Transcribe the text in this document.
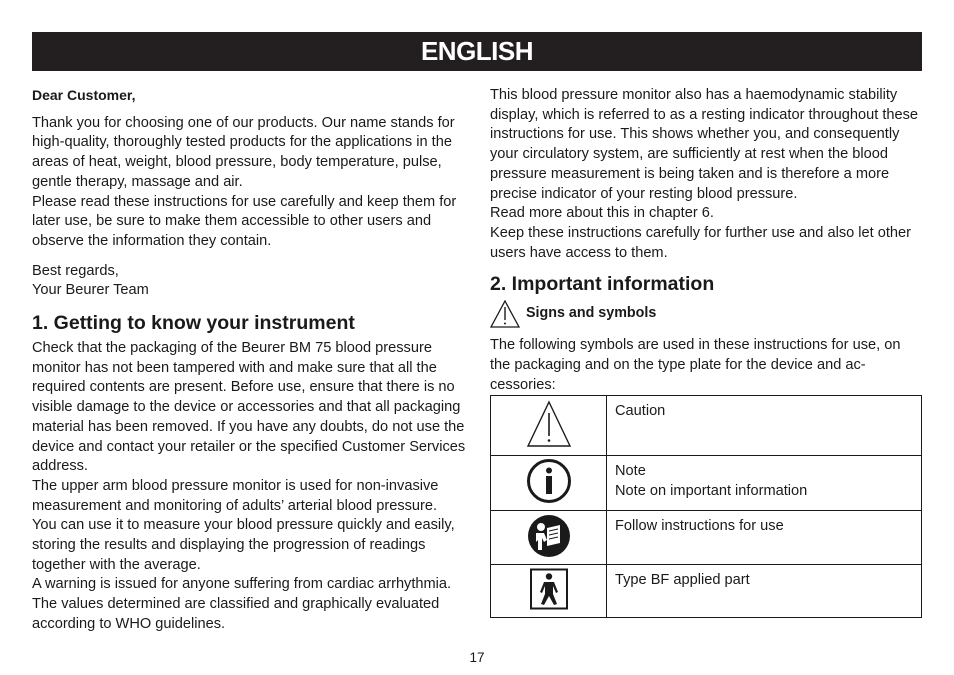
ENGLISH

Dear Customer,

Thank you for choosing one of our products. Our name stands for high-quality, thoroughly tested products for the applications in the areas of heat, weight, blood pressure, body temperature, pulse, gentle therapy, massage and air.

Please read these instructions for use carefully and keep them for later use, be sure to make them accessible to other users and observe the information they contain.

Best regards,

Your Beurer Team

1. Getting to know your instrument

Check that the packaging of the Beurer BM 75 blood pressure monitor has not been tampered with and make sure that all the required contents are present. Before use, ensure that there is no visible damage to the device or accessories and that all packaging material has been removed. If you have any doubts, do not use the device and contact your retailer or the specified Customer Services address.

The upper arm blood pressure monitor is used for non-invasive measurement and monitoring of adults’ arterial blood pressure.

You can use it to measure your blood pressure quickly and easily, storing the results and displaying the progression of readings together with the average.

A warning is issued for anyone suffering from cardiac arrhythmia. The values determined are classified and graphically evaluated according to WHO guidelines.

This blood pressure monitor also has a haemodynamic stability display, which is referred to as a resting indicator throughout these instructions for use. This shows whether you, and consequently your circulatory system, are sufficiently at rest when the blood pressure measurement is being taken and is therefore a more precise indicator of your resting blood pressure.

Read more about this in chapter 6.

Keep these instructions carefully for further use and also let other users have access to them.

2. Important information
Signs and symbols

The following symbols are used in these instructions for use, on the packaging and on the type plate for the device and accessories:

Caution

Note
Note on important information

Follow instructions for use

Type BF applied part
17
